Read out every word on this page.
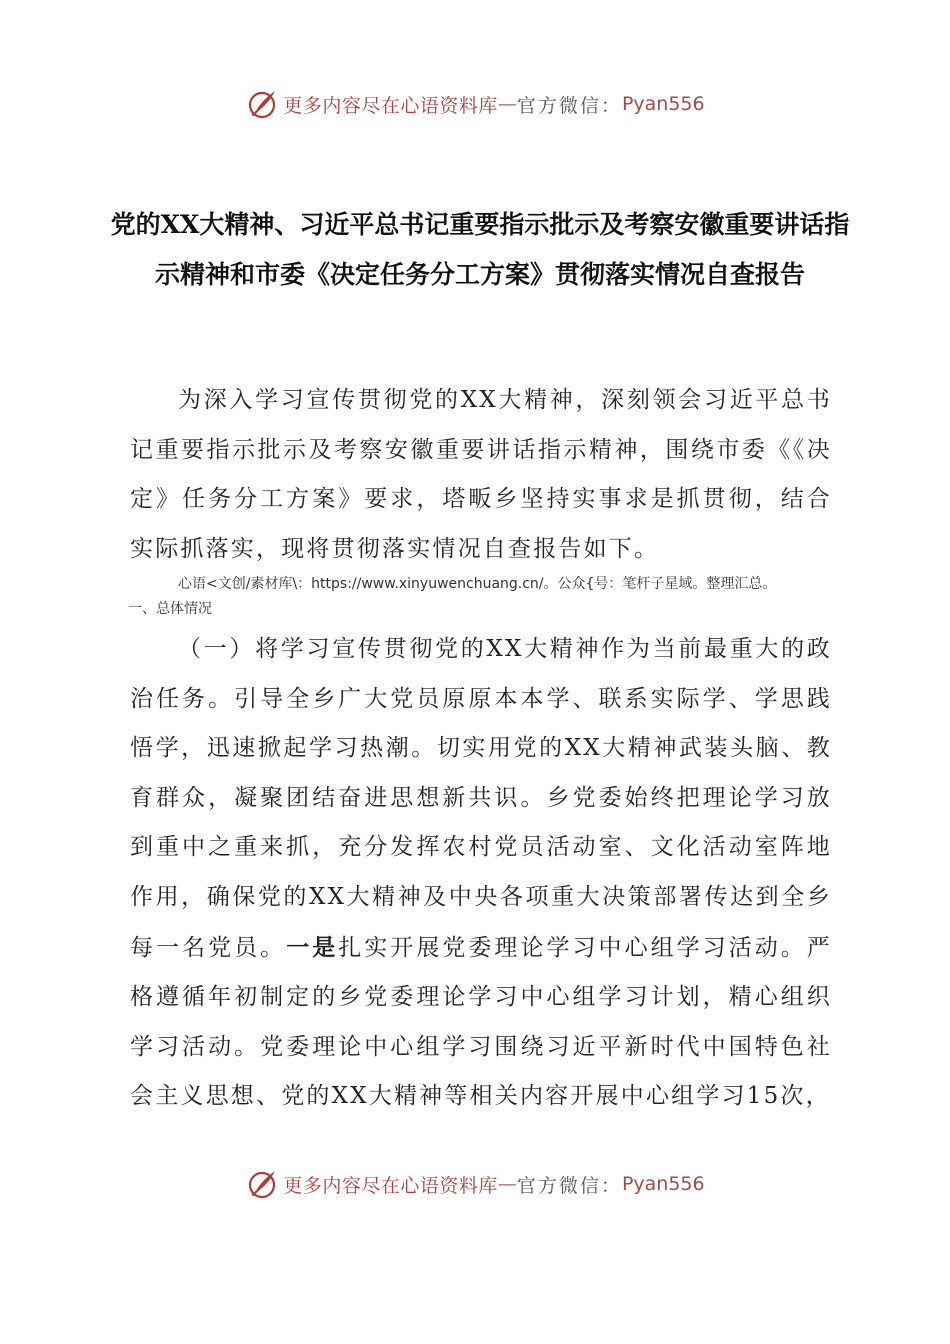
更多内容尽在心语资料库 — 官方微信： Pyan556
党的XX大精神、习近平总书记重要指示批示及考察安徽重要讲话指示精神和市委《决定任务分工方案》贯彻落实情况自查报告

为深入学习宣传贯彻党的XX大精神，深刻领会习近平总书记重要指示批示及考察安徽重要讲话指示精神，围绕市委《《决定》任务分工方案》要求，塔畈乡坚持实事求是抓贯彻，结合实际抓落实，现将贯彻落实情况自查报告如下。

心语<文创/素材库\：https://www.xinyuwenchuang.cn/。公众{号：笔杆子星域。整理汇总。
一、总体情况

（一）将学习宣传贯彻党的XX大精神作为当前最重大的政治任务。引导全乡广大党员原原本本学、联系实际学、学思践悟学，迅速掀起学习热潮。切实用党的XX大精神武装头脑、教育群众，凝聚团结奋进思想新共识。乡党委始终把理论学习放到重中之重来抓，充分发挥农村党员活动室、文化活动室阵地作用，确保党的XX大精神及中央各项重大决策部署传达到全乡每一名党员。一是扎实开展党委理论学习中心组学习活动。严格遵循年初制定的乡党委理论学习中心组学习计划，精心组织学习活动。党委理论中心组学习围绕习近平新时代中国特色社会主义思想、党的XX大精神等相关内容开展中心组学习15次，

更多内容尽在心语资料库 — 官方微信： Pyan556
